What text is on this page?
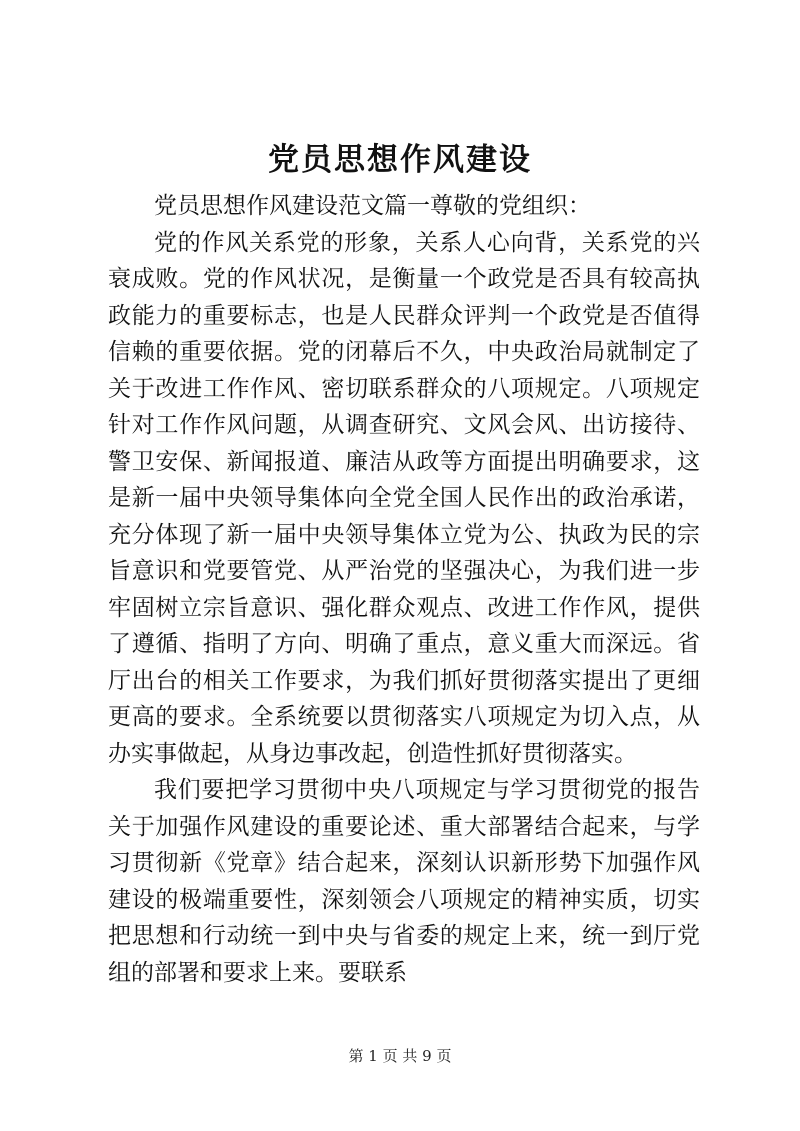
党员思想作风建设

党员思想作风建设范文篇一尊敬的党组织：

党的作风关系党的形象，关系人心向背，关系党的兴衰成败。党的作风状况，是衡量一个政党是否具有较高执政能力的重要标志，也是人民群众评判一个政党是否值得信赖的重要依据。党的闭幕后不久，中央政治局就制定了关于改进工作作风、密切联系群众的八项规定。八项规定针对工作作风问题，从调查研究、文风会风、出访接待、警卫安保、新闻报道、廉洁从政等方面提出明确要求，这是新一届中央领导集体向全党全国人民作出的政治承诺，充分体现了新一届中央领导集体立党为公、执政为民的宗旨意识和党要管党、从严治党的坚强决心，为我们进一步牢固树立宗旨意识、强化群众观点、改进工作作风，提供了遵循、指明了方向、明确了重点，意义重大而深远。省厅出台的相关工作要求，为我们抓好贯彻落实提出了更细更高的要求。全系统要以贯彻落实八项规定为切入点，从办实事做起，从身边事改起，创造性抓好贯彻落实。

我们要把学习贯彻中央八项规定与学习贯彻党的报告关于加强作风建设的重要论述、重大部署结合起来，与学习贯彻新《党章》结合起来，深刻认识新形势下加强作风建设的极端重要性，深刻领会八项规定的精神实质，切实把思想和行动统一到中央与省委的规定上来，统一到厅党组的部署和要求上来。要联系

第 1 页 共 9 页
